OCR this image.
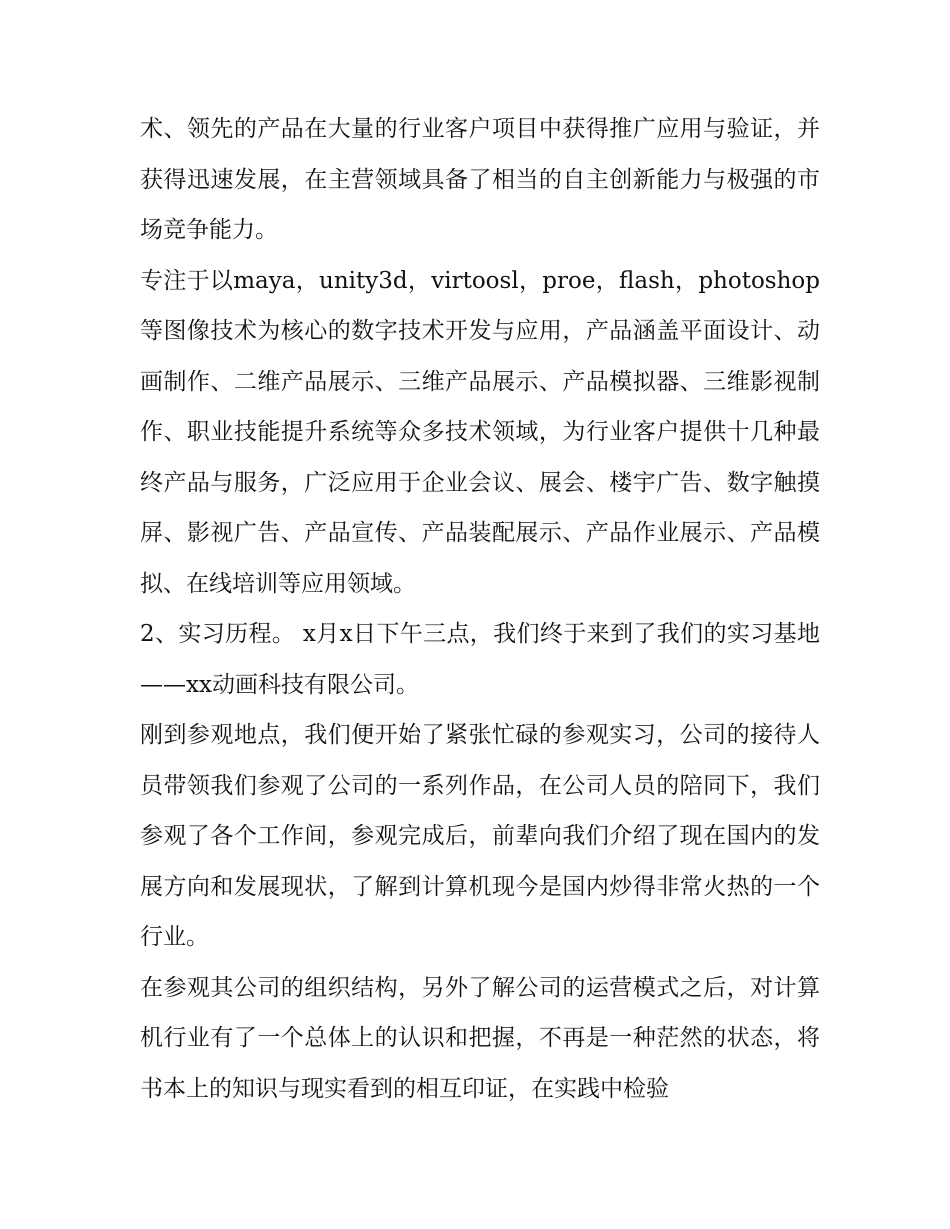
术、领先的产品在大量的行业客户项目中获得推广应用与验证，并获得迅速发展，在主营领域具备了相当的自主创新能力与极强的市场竞争能力。

专注于以maya，unity3d，virtoosl，proe，flash，photoshop等图像技术为核心的数字技术开发与应用，产品涵盖平面设计、动画制作、二维产品展示、三维产品展示、产品模拟器、三维影视制作、职业技能提升系统等众多技术领域，为行业客户提供十几种最终产品与服务，广泛应用于企业会议、展会、楼宇广告、数字触摸屏、影视广告、产品宣传、产品装配展示、产品作业展示、产品模拟、在线培训等应用领域。

2、实习历程。 x月x日下午三点，我们终于来到了我们的实习基地——xx动画科技有限公司。

刚到参观地点，我们便开始了紧张忙碌的参观实习，公司的接待人员带领我们参观了公司的一系列作品，在公司人员的陪同下，我们参观了各个工作间，参观完成后，前辈向我们介绍了现在国内的发展方向和发展现状，了解到计算机现今是国内炒得非常火热的一个行业。

在参观其公司的组织结构，另外了解公司的运营模式之后，对计算机行业有了一个总体上的认识和把握，不再是一种茫然的状态，将书本上的知识与现实看到的相互印证，在实践中检验
